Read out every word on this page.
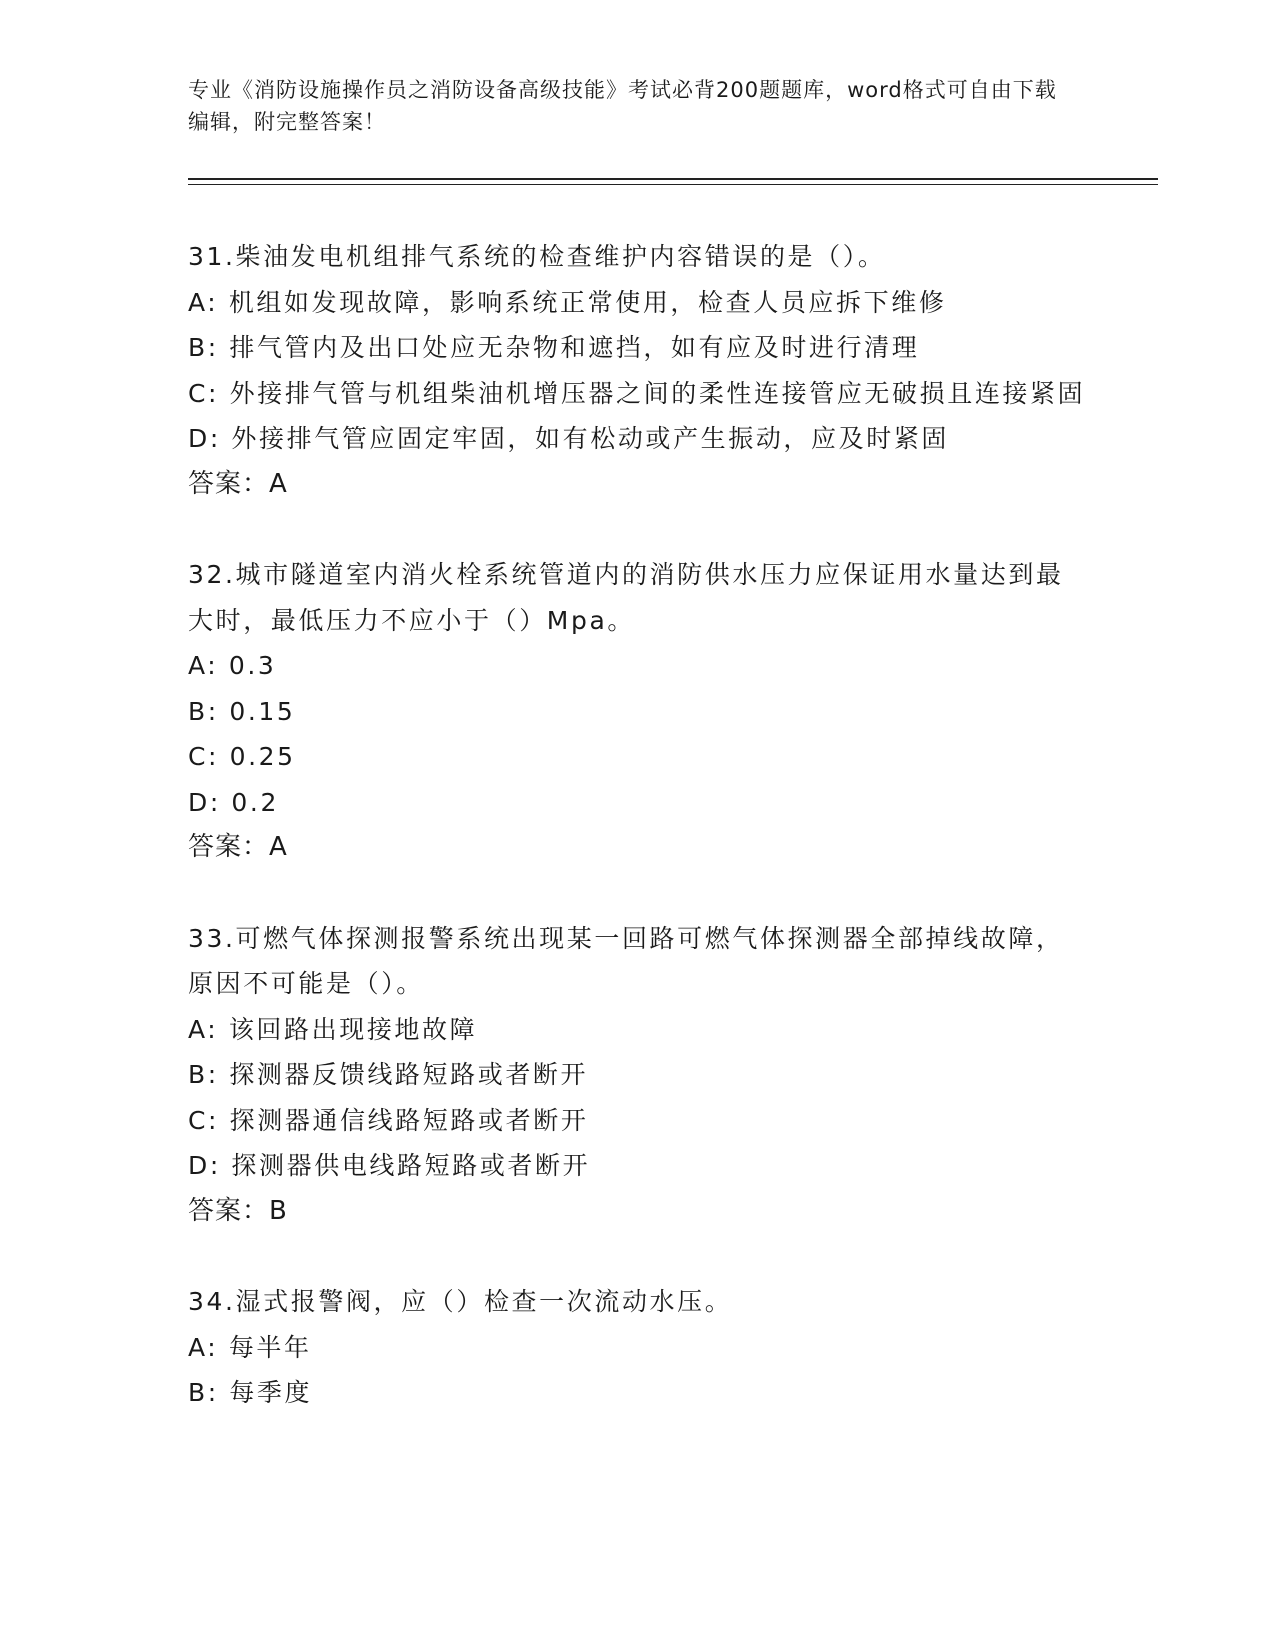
专业《消防设施操作员之消防设备高级技能》考试必背200题题库，word格式可自由下载编辑，附完整答案！

31.柴油发电机组排气系统的检查维护内容错误的是（）。

A: 机组如发现故障，影响系统正常使用，检查人员应拆下维修

B: 排气管内及出口处应无杂物和遮挡，如有应及时进行清理

C: 外接排气管与机组柴油机增压器之间的柔性连接管应无破损且连接紧固

D: 外接排气管应固定牢固，如有松动或产生振动，应及时紧固

答案：A

32.城市隧道室内消火栓系统管道内的消防供水压力应保证用水量达到最大时，最低压力不应小于（）Mpa。

A: 0.3

B: 0.15

C: 0.25

D: 0.2

答案：A

33.可燃气体探测报警系统出现某一回路可燃气体探测器全部掉线故障，原因不可能是（）。

A: 该回路出现接地故障

B: 探测器反馈线路短路或者断开

C: 探测器通信线路短路或者断开

D: 探测器供电线路短路或者断开

答案：B

34.湿式报警阀，应（）检查一次流动水压。

A: 每半年

B: 每季度
